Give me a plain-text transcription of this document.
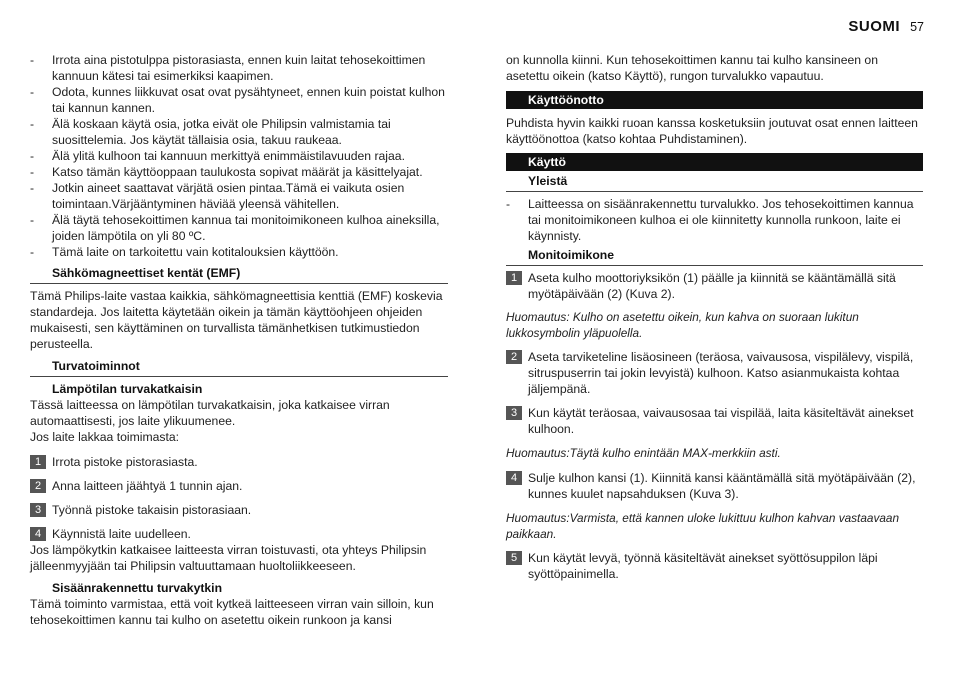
SUOMI 57
- Irrota aina pistotulppa pistorasiasta, ennen kuin laitat tehosekoittimen kannuun kätesi tai esimerkiksi kaapimen.
- Odota, kunnes liikkuvat osat ovat pysähtyneet, ennen kuin poistat kulhon tai kannun kannen.
- Älä koskaan käytä osia, jotka eivät ole Philipsin valmistamia tai suosittelemia. Jos käytät tällaisia osia, takuu raukeaa.
- Älä ylitä kulhoon tai kannuun merkittyä enimmäistilavuuden rajaa.
- Katso tämän käyttöoppaan taulukosta sopivat määrät ja käsittelyajat.
- Jotkin aineet saattavat värjätä osien pintaa.Tämä ei vaikuta osien toimintaan.Värjääntyminen häviää yleensä vähitellen.
- Älä täytä tehosekoittimen kannua tai monitoimikoneen kulhoa aineksilla, joiden lämpötila on yli 80 ºC.
- Tämä laite on tarkoitettu vain kotitalouksien käyttöön.
Sähkömagneettiset kentät (EMF)
Tämä Philips-laite vastaa kaikkia, sähkömagneettisia kenttiä (EMF) koskevia standardeja. Jos laitetta käytetään oikein ja tämän käyttöohjeen ohjeiden mukaisesti, sen käyttäminen on turvallista tämänhetkisen tutkimustiedon perusteella.
Turvatoiminnot
Lämpötilan turvakatkaisin
Tässä laitteessa on lämpötilan turvakatkaisin, joka katkaisee virran automaattisesti, jos laite ylikuumenee.
Jos laite lakkaa toimimasta:
1 Irrota pistoke pistorasiasta.
2 Anna laitteen jäähtyä 1 tunnin ajan.
3 Työnnä pistoke takaisin pistorasiaan.
4 Käynnistä laite uudelleen.
Jos lämpökytkin katkaisee laitteesta virran toistuvasti, ota yhteys Philipsin jälleenmyyjään tai Philipsin valtuuttamaan huoltoliikkeeseen.
Sisäänrakennettu turvakytkin
Tämä toiminto varmistaa, että voit kytkeä laitteeseen virran vain silloin, kun tehosekoittimen kannu tai kulho on asetettu oikein runkoon ja kansi
on kunnolla kiinni. Kun tehosekoittimen kannu tai kulho kansineen on asetettu oikein (katso Käyttö), rungon turvalukko vapautuu.
Käyttöönotto
Puhdista hyvin kaikki ruoan kanssa kosketuksiin joutuvat osat ennen laitteen käyttöönottoa (katso kohtaa Puhdistaminen).
Käyttö
Yleistä
- Laitteessa on sisäänrakennettu turvalukko. Jos tehosekoittimen kannua tai monitoimikoneen kulhoa ei ole kiinnitetty kunnolla runkoon, laite ei käynnisty.
Monitoimikone
1 Aseta kulho moottoriyksikön (1) päälle ja kiinnitä se kääntämällä sitä myötäpäivään (2) (Kuva 2).
Huomautus: Kulho on asetettu oikein, kun kahva on suoraan lukitun lukkosymbolin yläpuolella.
2 Aseta tarviketeline lisäosineen (teräosa, vaivausosa, vispilälevy, vispilä, sitruspuserrin tai jokin levyistä) kulhoon. Katso asianmukaista kohtaa jäljempänä.
3 Kun käytät teräosaa, vaivausosaa tai vispilää, laita käsiteltävät ainekset kulhoon.
Huomautus:Täytä kulho enintään MAX-merkkiin asti.
4 Sulje kulhon kansi (1). Kiinnitä kansi kääntämällä sitä myötäpäivään (2), kunnes kuulet napsahduksen (Kuva 3).
Huomautus:Varmista, että kannen uloke lukittuu kulhon kahvan vastaavaan paikkaan.
5 Kun käytät levyä, työnnä käsiteltävät ainekset syöttösuppilon läpi syöttöpainimella.
